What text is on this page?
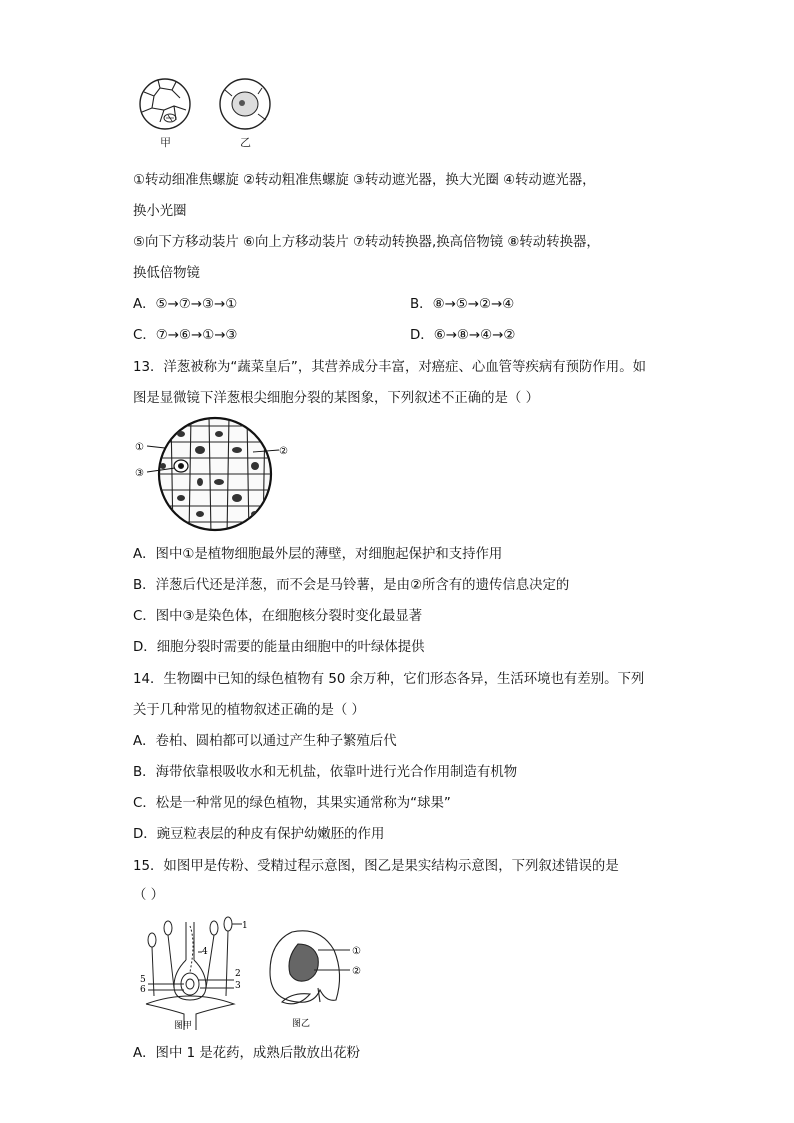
甲	乙
①转动细准焦螺旋 ②转动粗准焦螺旋 ③转动遮光器，换大光圈 ④转动遮光器，
换小光圈
⑤向下方移动装片 ⑥向上方移动装片 ⑦转动转换器,换高倍物镜 ⑧转动转换器，
换低倍物镜
A．⑤→⑦→③→①	B．⑧→⑤→②→④
C．⑦→⑥→①→③	D．⑥→⑧→④→②
13．洋葱被称为“蔬菜皇后”，其营养成分丰富，对癌症、心血管等疾病有预防作用。如
图是显微镜下洋葱根尖细胞分裂的某图象，下列叙述不正确的是（ ）
①	②
③
A．图中①是植物细胞最外层的薄壁，对细胞起保护和支持作用
B．洋葱后代还是洋葱，而不会是马铃薯，是由②所含有的遗传信息决定的
C．图中③是染色体，在细胞核分裂时变化最显著
D．细胞分裂时需要的能量由细胞中的叶绿体提供
14．生物圈中已知的绿色植物有 50 余万种，它们形态各异，生活环境也有差别。下列
关于几种常见的植物叙述正确的是（ ）
A．卷柏、圆柏都可以通过产生种子繁殖后代
B．海带依靠根吸收水和无机盐，依靠叶进行光合作用制造有机物
C．松是一种常见的绿色植物，其果实通常称为“球果”
D．豌豆粒表层的种皮有保护幼嫩胚的作用
15．如图甲是传粉、受精过程示意图，图乙是果实结构示意图，下列叙述错误的是
（ ）
1
4
2
3
5
6
图甲
①
②
图乙
A．图中 1 是花药，成熟后散放出花粉
